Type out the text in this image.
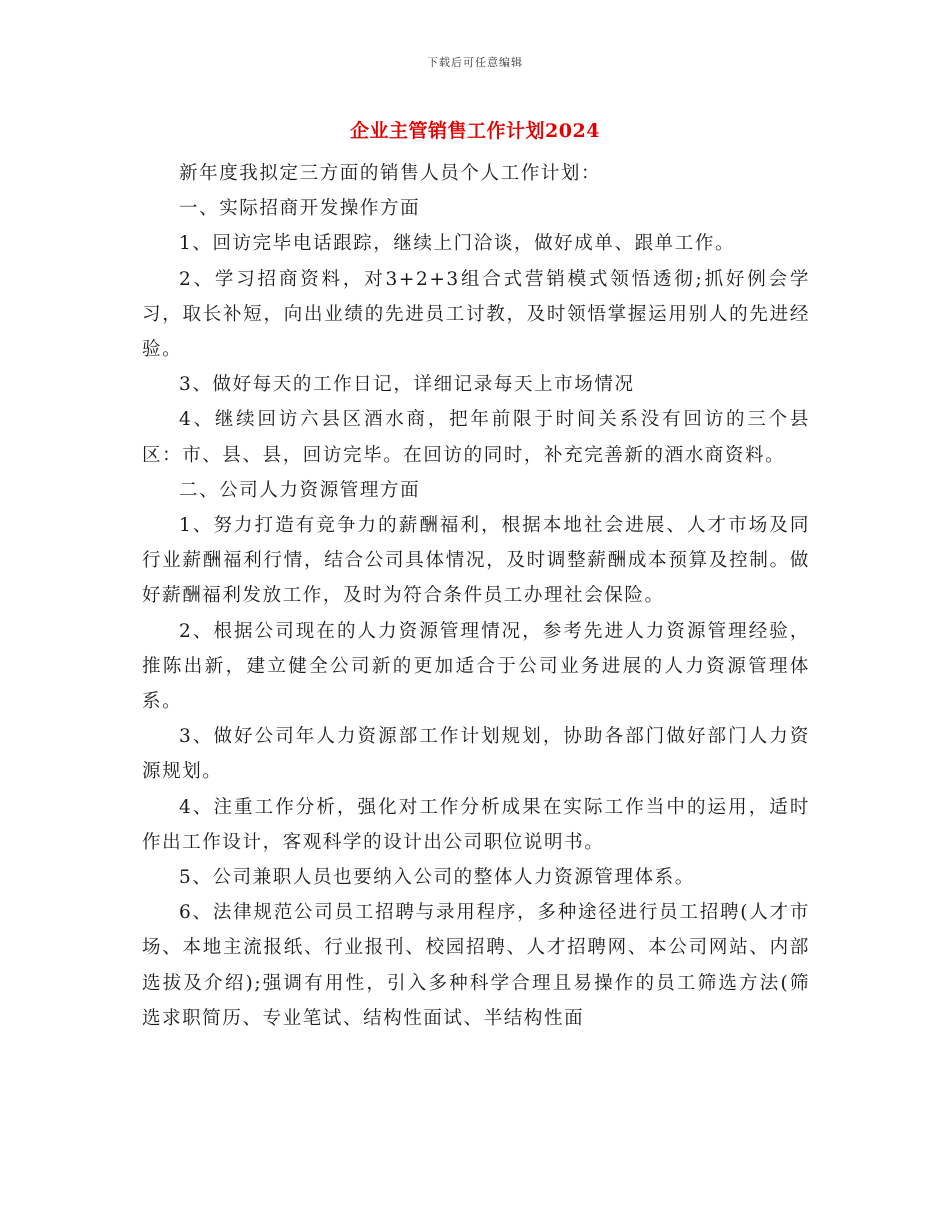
下载后可任意编辑
企业主管销售工作计划2024

新年度我拟定三方面的销售人员个人工作计划：

一、实际招商开发操作方面

1、回访完毕电话跟踪，继续上门洽谈，做好成单、跟单工作。

2、学习招商资料，对3+2+3组合式营销模式领悟透彻;抓好例会学习，取长补短，向出业绩的先进员工讨教，及时领悟掌握运用别人的先进经验。

3、做好每天的工作日记，详细记录每天上市场情况

4、继续回访六县区酒水商，把年前限于时间关系没有回访的三个县区：市、县、县，回访完毕。在回访的同时，补充完善新的酒水商资料。

二、公司人力资源管理方面

1、努力打造有竞争力的薪酬福利，根据本地社会进展、人才市场及同行业薪酬福利行情，结合公司具体情况，及时调整薪酬成本预算及控制。做好薪酬福利发放工作，及时为符合条件员工办理社会保险。

2、根据公司现在的人力资源管理情况，参考先进人力资源管理经验，推陈出新，建立健全公司新的更加适合于公司业务进展的人力资源管理体系。

3、做好公司年人力资源部工作计划规划，协助各部门做好部门人力资源规划。

4、注重工作分析，强化对工作分析成果在实际工作当中的运用，适时作出工作设计，客观科学的设计出公司职位说明书。

5、公司兼职人员也要纳入公司的整体人力资源管理体系。

6、法律规范公司员工招聘与录用程序，多种途径进行员工招聘(人才市场、本地主流报纸、行业报刊、校园招聘、人才招聘网、本公司网站、内部选拔及介绍);强调有用性，引入多种科学合理且易操作的员工筛选方法(筛选求职简历、专业笔试、结构性面试、半结构性面
